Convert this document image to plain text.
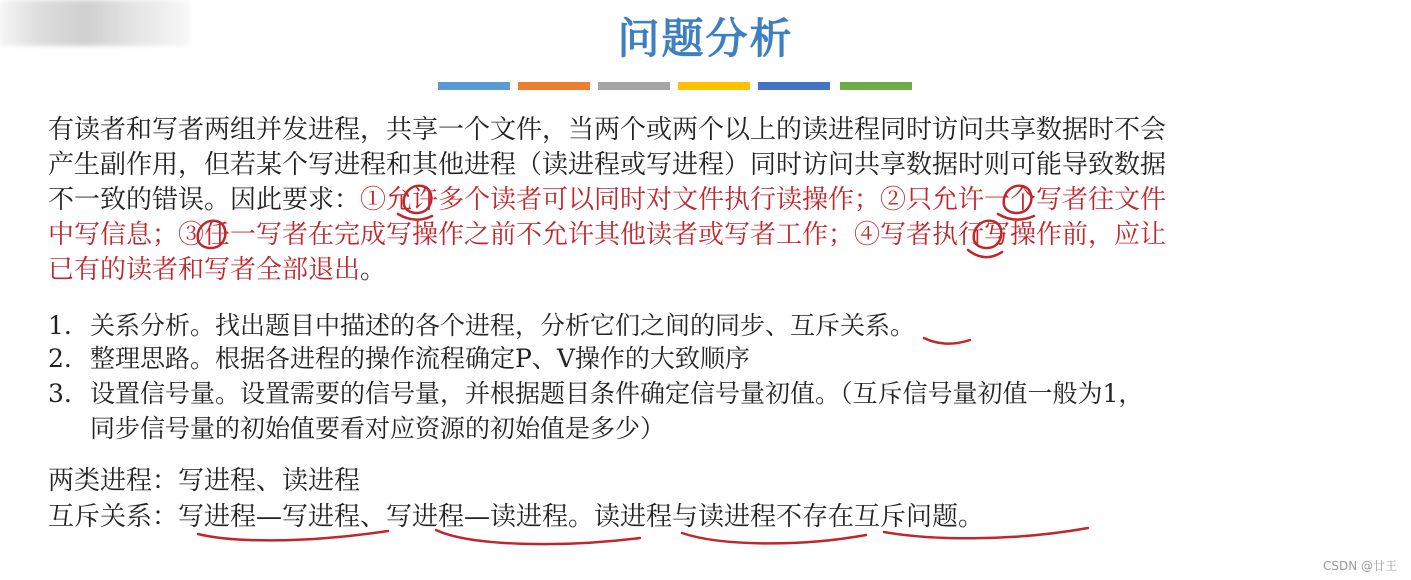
问题分析
有读者和写者两组并发进程，共享一个文件，当两个或两个以上的读进程同时访问共享数据时不会
产生副作用，但若某个写进程和其他进程（读进程或写进程）同时访问共享数据时则可能导致数据
不一致的错误。因此要求：①允许多个读者可以同时对文件执行读操作；②只允许一个写者往文件
中写信息；③任一写者在完成写操作之前不允许其他读者或写者工作；④写者执行写操作前，应让
已有的读者和写者全部退出。
1. 关系分析。找出题目中描述的各个进程，分析它们之间的同步、互斥关系。
2. 整理思路。根据各进程的操作流程确定P、V操作的大致顺序
3. 设置信号量。设置需要的信号量，并根据题目条件确定信号量初值。（互斥信号量初值一般为1，
同步信号量的初始值要看对应资源的初始值是多少）
两类进程：写进程、读进程
互斥关系：写进程—写进程、写进程—读进程。读进程与读进程不存在互斥问题。
CSDN @廿王
